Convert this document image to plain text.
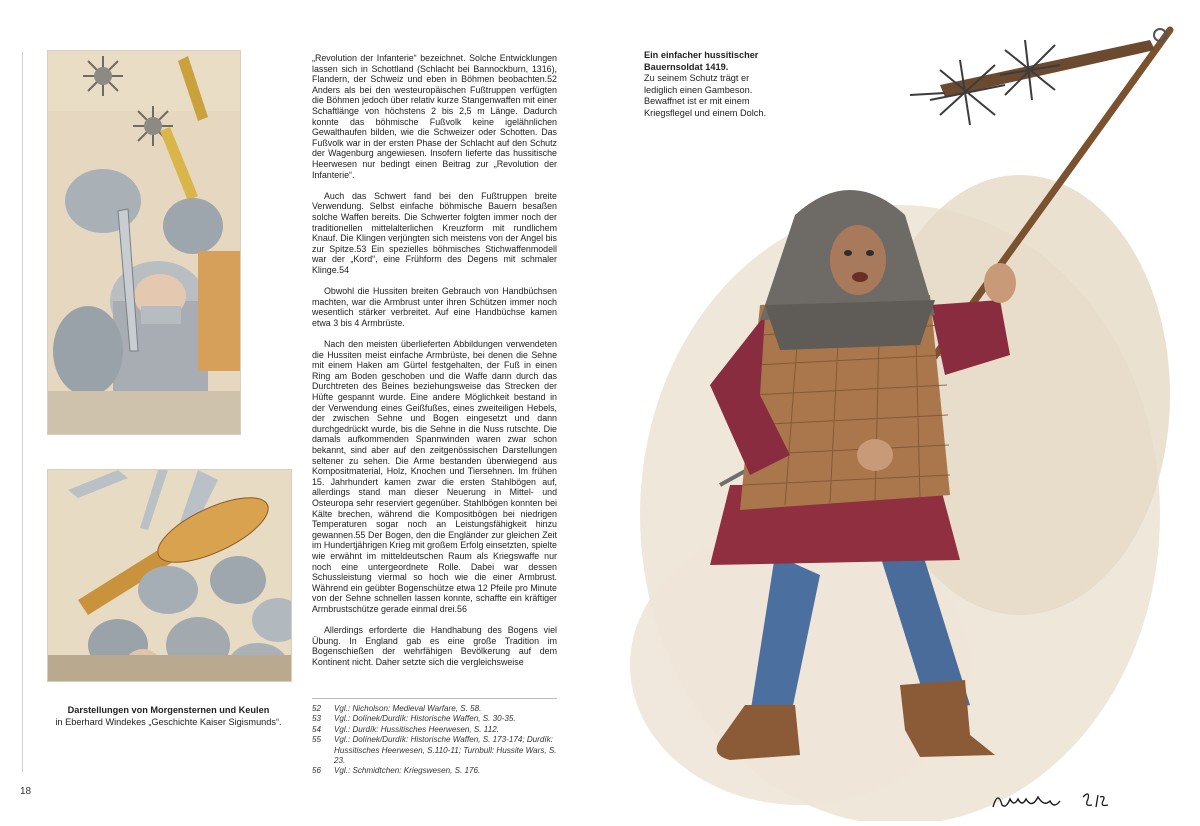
Darstellungen von Morgensternen und Keulen
in Eberhard Windekes „Geschichte Kaiser Sigismunds“.

„Revolution der Infanterie“ bezeichnet. Solche Entwicklungen lassen sich in Schottland (Schlacht bei Bannockburn, 1316), Flandern, der Schweiz und eben in Böhmen beobachten.52 Anders als bei den westeuropäischen Fußtruppen verfügten die Böhmen jedoch über relativ kurze Stangenwaffen mit einer Schaftlänge von höchstens 2 bis 2,5 m Länge. Dadurch konnte das böhmische Fußvolk keine igelähnlichen Gewalthaufen bilden, wie die Schweizer oder Schotten. Das Fußvolk war in der ersten Phase der Schlacht auf den Schutz der Wagenburg angewiesen. Insofern lieferte das hussitische Heerwesen nur bedingt einen Beitrag zur „Revolution der Infanterie“.

Auch das Schwert fand bei den Fußtruppen breite Verwendung. Selbst einfache böhmische Bauern besaßen solche Waffen bereits. Die Schwerter folgten immer noch der traditionellen mittelalterlichen Kreuzform mit rundlichem Knauf. Die Klingen verjüngten sich meistens von der Angel bis zur Spitze.53 Ein spezielles böhmisches Stichwaffenmodell war der „Kord“, eine Frühform des Degens mit schmaler Klinge.54

Obwohl die Hussiten breiten Gebrauch von Handbüchsen machten, war die Armbrust unter ihren Schützen immer noch wesentlich stärker verbreitet. Auf eine Handbüchse kamen etwa 3 bis 4 Armbrüste.

Nach den meisten überlieferten Abbildungen verwendeten die Hussiten meist einfache Armbrüste, bei denen die Sehne mit einem Haken am Gürtel festgehalten, der Fuß in einen Ring am Boden geschoben und die Waffe dann durch das Durchtreten des Beines beziehungsweise das Strecken der Hüfte gespannt wurde. Eine andere Möglichkeit bestand in der Verwendung eines Geißfußes, eines zweiteiligen Hebels, der zwischen Sehne und Bogen eingesetzt und dann durchgedrückt wurde, bis die Sehne in die Nuss rutschte. Die damals aufkommenden Spannwinden waren zwar schon bekannt, sind aber auf den zeitgenössischen Darstellungen seltener zu sehen. Die Arme bestanden überwiegend aus Kompositmaterial, Holz, Knochen und Tiersehnen. Im frühen 15. Jahrhundert kamen zwar die ersten Stahlbögen auf, allerdings stand man dieser Neuerung in Mittel- und Osteuropa sehr reserviert gegenüber. Stahlbögen konnten bei Kälte brechen, während die Kompositbögen bei niedrigen Temperaturen sogar noch an Leistungsfähigkeit hinzu gewannen.55 Der Bogen, den die Engländer zur gleichen Zeit im Hundertjährigen Krieg mit großem Erfolg einsetzten, spielte wie erwähnt im mitteldeutschen Raum als Kriegswaffe nur noch eine untergeordnete Rolle. Dabei war dessen Schussleistung viermal so hoch wie die einer Armbrust. Während ein geübter Bogenschütze etwa 12 Pfeile pro Minute von der Sehne schnellen lassen konnte, schaffte ein kräftiger Armbrustschütze gerade einmal drei.56

Allerdings erforderte die Handhabung des Bogens viel Übung. In England gab es eine große Tradition im Bogenschießen der wehrfähigen Bevölkerung auf dem Kontinent nicht. Daher setzte sich die vergleichsweise

52	Vgl.: Nicholson: Medieval Warfare, S. 58.
53	Vgl.: Dolínek/Durdík: Historische Waffen, S. 30-35.
54	Vgl.: Durdík: Hussitisches Heerwesen, S. 112.
55	Vgl.: Dolínek/Durdík: Historische Waffen, S. 173-174; Durdík: Hussitisches Heerwesen, S.110-11; Turnbull: Hussite Wars, S. 23.
56	Vgl.: Schmidtchen: Kriegswesen, S. 176.
18
Ein einfacher hussitischer Bauernsoldat 1419.
Zu seinem Schutz trägt er lediglich einen Gambeson. Bewaffnet ist er mit einem Kriegsflegel und einem Dolch.
